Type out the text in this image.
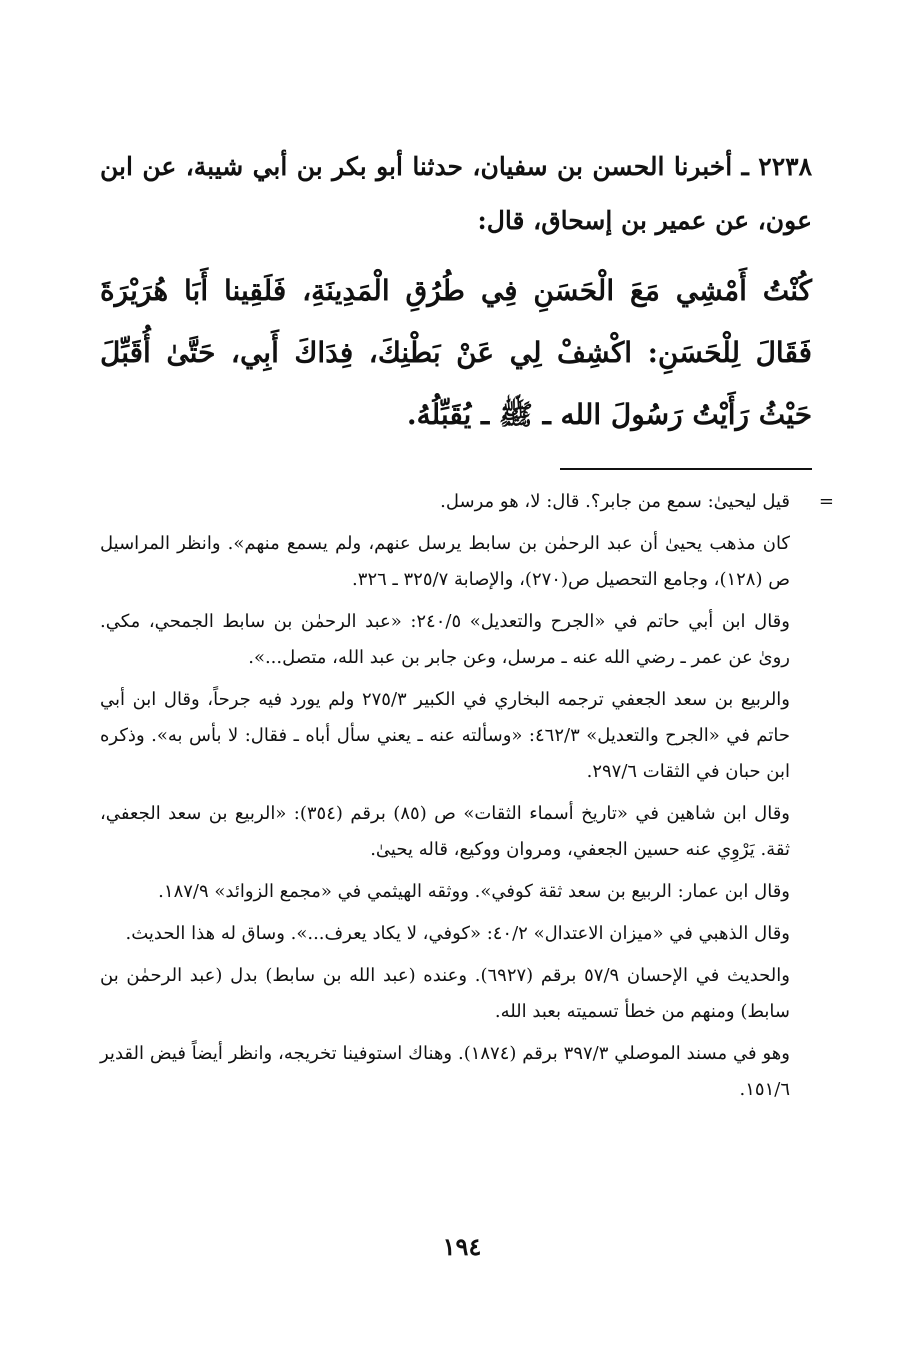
٢٢٣٨ ـ أخبرنا الحسن بن سفيان، حدثنا أبو بكر بن أبي شيبة، عن ابن عون، عن عمير بن إسحاق، قال:

كُنْتُ أَمْشِي مَعَ الْحَسَنِ فِي طُرُقِ الْمَدِينَةِ، فَلَقِينا أَبَا هُرَيْرَةَ فَقَالَ لِلْحَسَنِ: اكْشِفْ لِي عَنْ بَطْنِكَ، فِدَاكَ أَبِي، حَتَّىٰ أُقَبِّلَ حَيْثُ رَأَيْتُ رَسُولَ الله ـ ﷺ ـ يُقَبِّلُهُ.

=
قيل ليحيىٰ: سمع من جابر؟. قال: لا، هو مرسل.

كان مذهب يحيىٰ أن عبد الرحمٰن بن سابط يرسل عنهم، ولم يسمع منهم». وانظر المراسيل ص (١٢٨)، وجامع التحصيل ص(٢٧٠)، والإصابة ٣٢٥/٧ ـ ٣٢٦.

وقال ابن أبي حاتم في «الجرح والتعديل» ٢٤٠/٥: «عبد الرحمٰن بن سابط الجمحي، مكي. روىٰ عن عمر ـ رضي الله عنه ـ مرسل، وعن جابر بن عبد الله، متصل...».

والربيع بن سعد الجعفي ترجمه البخاري في الكبير ٢٧٥/٣ ولم يورد فيه جرحاً، وقال ابن أبي حاتم في «الجرح والتعديل» ٤٦٢/٣: «وسألته عنه ـ يعني سأل أباه ـ فقال: لا بأس به». وذكره ابن حبان في الثقات ٢٩٧/٦.

وقال ابن شاهين في «تاريخ أسماء الثقات» ص (٨٥) برقم (٣٥٤): «الربيع بن سعد الجعفي، ثقة. يَرْوِي عنه حسين الجعفي، ومروان ووكيع، قاله يحيىٰ.

وقال ابن عمار: الربيع بن سعد ثقة كوفي». ووثقه الهيثمي في «مجمع الزوائد» ١٨٧/٩.

وقال الذهبي في «ميزان الاعتدال» ٤٠/٢: «كوفي، لا يكاد يعرف...». وساق له هذا الحديث.

والحديث في الإحسان ٥٧/٩ برقم (٦٩٢٧). وعنده (عبد الله بن سابط) بدل (عبد الرحمٰن بن سابط) ومنهم من خطأ تسميته بعبد الله.

وهو في مسند الموصلي ٣٩٧/٣ برقم (١٨٧٤). وهناك استوفينا تخريجه، وانظر أيضاً فيض القدير ١٥١/٦.

١٩٤
